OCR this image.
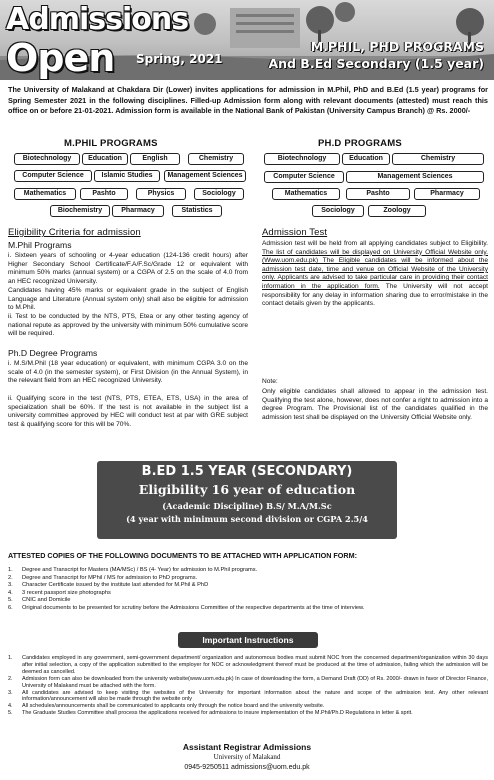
Admissions
Open Spring, 2021
M.PHIL, PHD PROGRAMS
And B.Ed Secondary (1.5 year)
The University of Malakand at Chakdara Dir (Lower) invites applications for admission in M.Phil, PhD and B.Ed (1.5 year) programs for Spring Semester 2021 in the following disciplines. Filled-up Admission form along with relevant documents (attested) must reach this office on or before 21-01-2021. Admission form is available in the National Bank of Pakistan (University Campus Branch) @ Rs. 2000/-
M.PHIL PROGRAMS
Biotechnology	Education	English	Chemistry
Computer Science	Islamic Studies	Management Sciences
Mathematics	Pashto	Physics	Sociology
Biochemistry	Pharmacy	Statistics
PH.D PROGRAMS
Biotechnology	Education	Chemistry
Computer Science	Management Sciences
Mathematics	Pashto	Pharmacy
Sociology	Zoology
Eligibility Criteria for admission
M.Phil Programs
i. Sixteen years of schooling or 4-year education (124-136 credit hours) after Higher Secondary School Certificate/F.A/F.Sc/Grade 12 or equivalent with minimum 50% marks (annual system) or a CGPA of 2.5 on the scale of 4.0 from an HEC recognized University.
Candidates having 45% marks or equivalent grade in the subject of English Language and Literature (Annual system only) shall also be eligible for admission to M.Phil.
ii. Test to be conducted by the NTS, PTS, Etea or any other testing agency of national repute as approved by the university with minimum 50% cumulative score will be required.
Ph.D Degree Programs
i. M.S/M.Phil (18 year education) or equivalent, with minimum CGPA 3.0 on the scale of 4.0 (in the semester system), or First Division (in the Annual System), in the relevant field from an HEC recognized University.
ii. Qualifying score in the test (NTS, PTS, ETEA, ETS, USA) in the area of specialization shall be 60%. If the test is not available in the subject list a university committee approved by HEC will conduct test at par with GRE subject test & qualifying score for this will be 70%.
Admission Test
Admission test will be held from all applying candidates subject to Eligibility. The list of candidates will be displayed on University Official Website only. (Www.uom.edu.pk) The Eligible candidates will be informed about the admission test date, time and venue on Official Website of the University only. Applicants are advised to take particular care in providing their contact information in the application form. The University will not accept responsibility for any delay in information sharing due to error/mistake in the contact details given by the applicants.
Note:
Only eligible candidates shall allowed to appear in the admission test. Qualifying the test alone, however, does not confer a right to admission into a degree Program. The Provisional list of the candidates qualified in the admission test shall be displayed on the University Official Website only.
B.ED 1.5 YEAR (SECONDARY)
Eligibility 16 year of education
(Academic Discipline) B.S/ M.A/M.Sc
(4 year with minimum second division or CGPA 2.5/4
ATTESTED COPIES OF THE FOLLOWING DOCUMENTS TO BE ATTACHED WITH APPLICATION FORM:
1. Degree and Transcript for Masters (MA/MSc) / BS (4- Year) for admission to M.Phil programs.
2. Degree and Transcript for MPhil / MS for admission to PhD programs.
3. Character Certificate issued by the institute last attended for M.Phil & PhD
4. 3 recent passport size photographs
5. CNIC and Domicile
6. Original documents to be presented for scrutiny before the Admissions Committee of the respective departments at the time of interview.
Important Instructions
1. Candidates employed in any government, semi-government department/ organization and autonomous bodies must submit NOC from the concerned department/organization within 30 days after initial selection, a copy of the application submitted to the employer for NOC or acknowledgment thereof must be produced at the time of admission, failing which the admission will be deemed as cancelled.
2. Admission form can also be downloaded from the university website(www.uom.edu.pk) In case of downloading the form, a Demand Draft (DD) of Rs. 2000/- drawn in favor of Director Finance, University of Malakand must be attached with the form.
3. All candidates are advised to keep visiting the websites of the University for important information about the nature and scope of the admission test. Any other relevant information/announcement will also be made through the website only
4. All schedules/announcements shall be communicated to applicants only through the notice board and the university website.
5. The Graduate Studies Committee shall process the applications received for admissions to insure implementation of the M.Phil/Ph.D Regulations in letter & sprit.
Assistant Registrar Admissions
University of Malakand
0945-9250511 admissions@uom.edu.pk
